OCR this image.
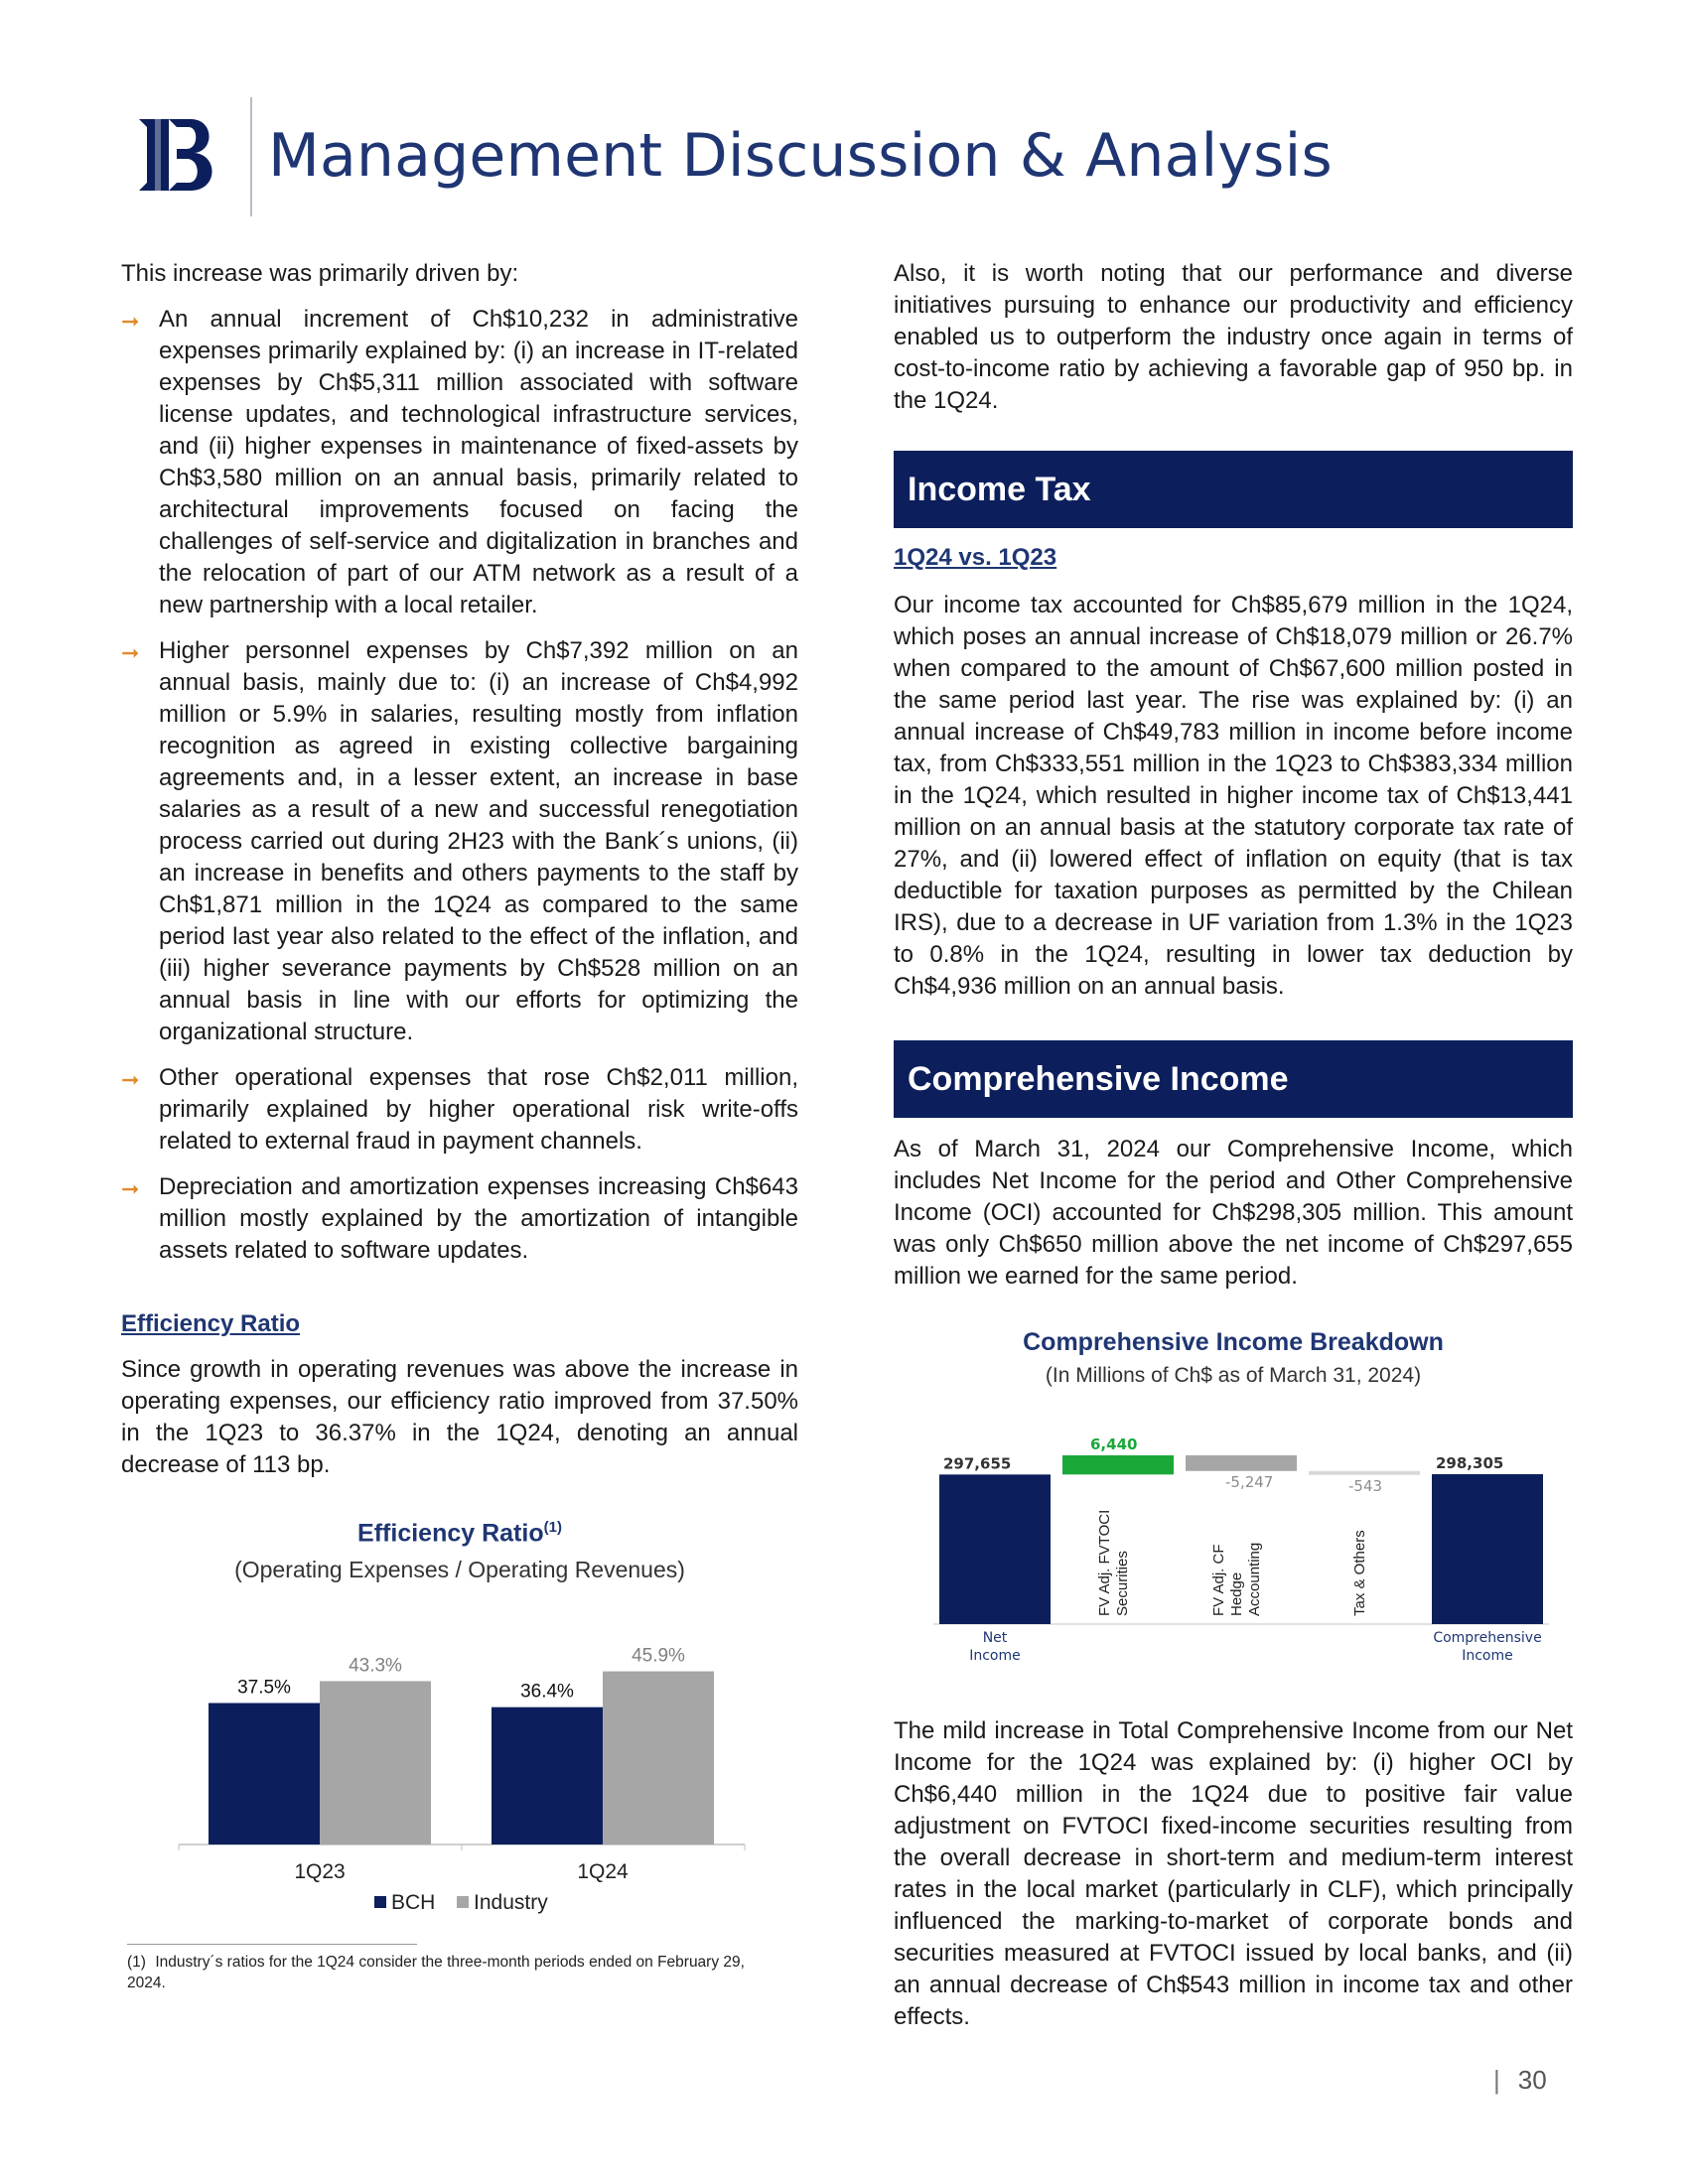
Management Discussion & Analysis

This increase was primarily driven by:

➞ An annual increment of Ch$10,232 in administrative expenses primarily explained by: (i) an increase in IT-related expenses by Ch$5,311 million associated with software license updates, and technological infrastructure services, and (ii) higher expenses in maintenance of fixed-assets by Ch$3,580 million on an annual basis, primarily related to architectural improvements focused on facing the challenges of self-service and digitalization in branches and the relocation of part of our ATM network as a result of a new partnership with a local retailer.
➞ Higher personnel expenses by Ch$7,392 million on an annual basis, mainly due to: (i) an increase of Ch$4,992 million or 5.9% in salaries, resulting mostly from inflation recognition as agreed in existing collective bargaining agreements and, in a lesser extent, an increase in base salaries as a result of a new and successful renegotiation process carried out during 2H23 with the Bank´s unions, (ii) an increase in benefits and others payments to the staff by Ch$1,871 million in the 1Q24 as compared to the same period last year also related to the effect of the inflation, and (iii) higher severance payments by Ch$528 million on an annual basis in line with our efforts for optimizing the organizational structure.
➞ Other operational expenses that rose Ch$2,011 million, primarily explained by higher operational risk write-offs related to external fraud in payment channels.
➞ Depreciation and amortization expenses increasing Ch$643 million mostly explained by the amortization of intangible assets related to software updates.

Efficiency Ratio

Since growth in operating revenues was above the increase in operating expenses, our efficiency ratio improved from 37.50% in the 1Q23 to 36.37% in the 1Q24, denoting an annual decrease of 113 bp.

Efficiency Ratio$^{(1)}$
(Operating Expenses / Operating Revenues)
1Q23	1Q24
BCH Industry
37.5%
43.3%
36.4%
45.9%
(1) Industry´s ratios for the 1Q24 consider the three-month periods ended on February 29, 2024.

Also, it is worth noting that our performance and diverse initiatives pursuing to enhance our productivity and efficiency enabled us to outperform the industry once again in terms of cost-to-income ratio by achieving a favorable gap of 950 bp. in the 1Q24.

Income Tax

1Q24 vs. 1Q23

Our income tax accounted for Ch$85,679 million in the 1Q24, which poses an annual increase of Ch$18,079 million or 26.7% when compared to the amount of Ch$67,600 million posted in the same period last year. The rise was explained by: (i) an annual increase of Ch$49,783 million in income before income tax, from Ch$333,551 million in the 1Q23 to Ch$383,334 million in the 1Q24, which resulted in higher income tax of Ch$13,441 million on an annual basis at the statutory corporate tax rate of 27%, and (ii) lowered effect of inflation on equity (that is tax deductible for taxation purposes as permitted by the Chilean IRS), due to a decrease in UF variation from 1.3% in the 1Q23 to 0.8% in the 1Q24, resulting in lower tax deduction by Ch$4,936 million on an annual basis.

Comprehensive Income

As of March 31, 2024 our Comprehensive Income, which includes Net Income for the period and Other Comprehensive Income (OCI) accounted for Ch$298,305 million. This amount was only Ch$650 million above the net income of Ch$297,655 million we earned for the same period.

Comprehensive Income Breakdown
(In Millions of Ch$ as of March 31, 2024)
297,655
Net
Income
6,440
FV Adj. FVTOCI Securities
-5,247
FV Adj. CF Hedge Accounting
-543
Tax & Others
298,305
Comprehensive
Income

The mild increase in Total Comprehensive Income from our Net Income for the 1Q24 was explained by: (i) higher OCI by Ch$6,440 million in the 1Q24 due to positive fair value adjustment on FVTOCI fixed-income securities resulting from the overall decrease in short-term and medium-term interest rates in the local market (particularly in CLF), which principally influenced the marking-to-market of corporate bonds and securities measured at FVTOCI issued by local banks, and (ii) an annual decrease of Ch$543 million in income tax and other effects.

| 30
